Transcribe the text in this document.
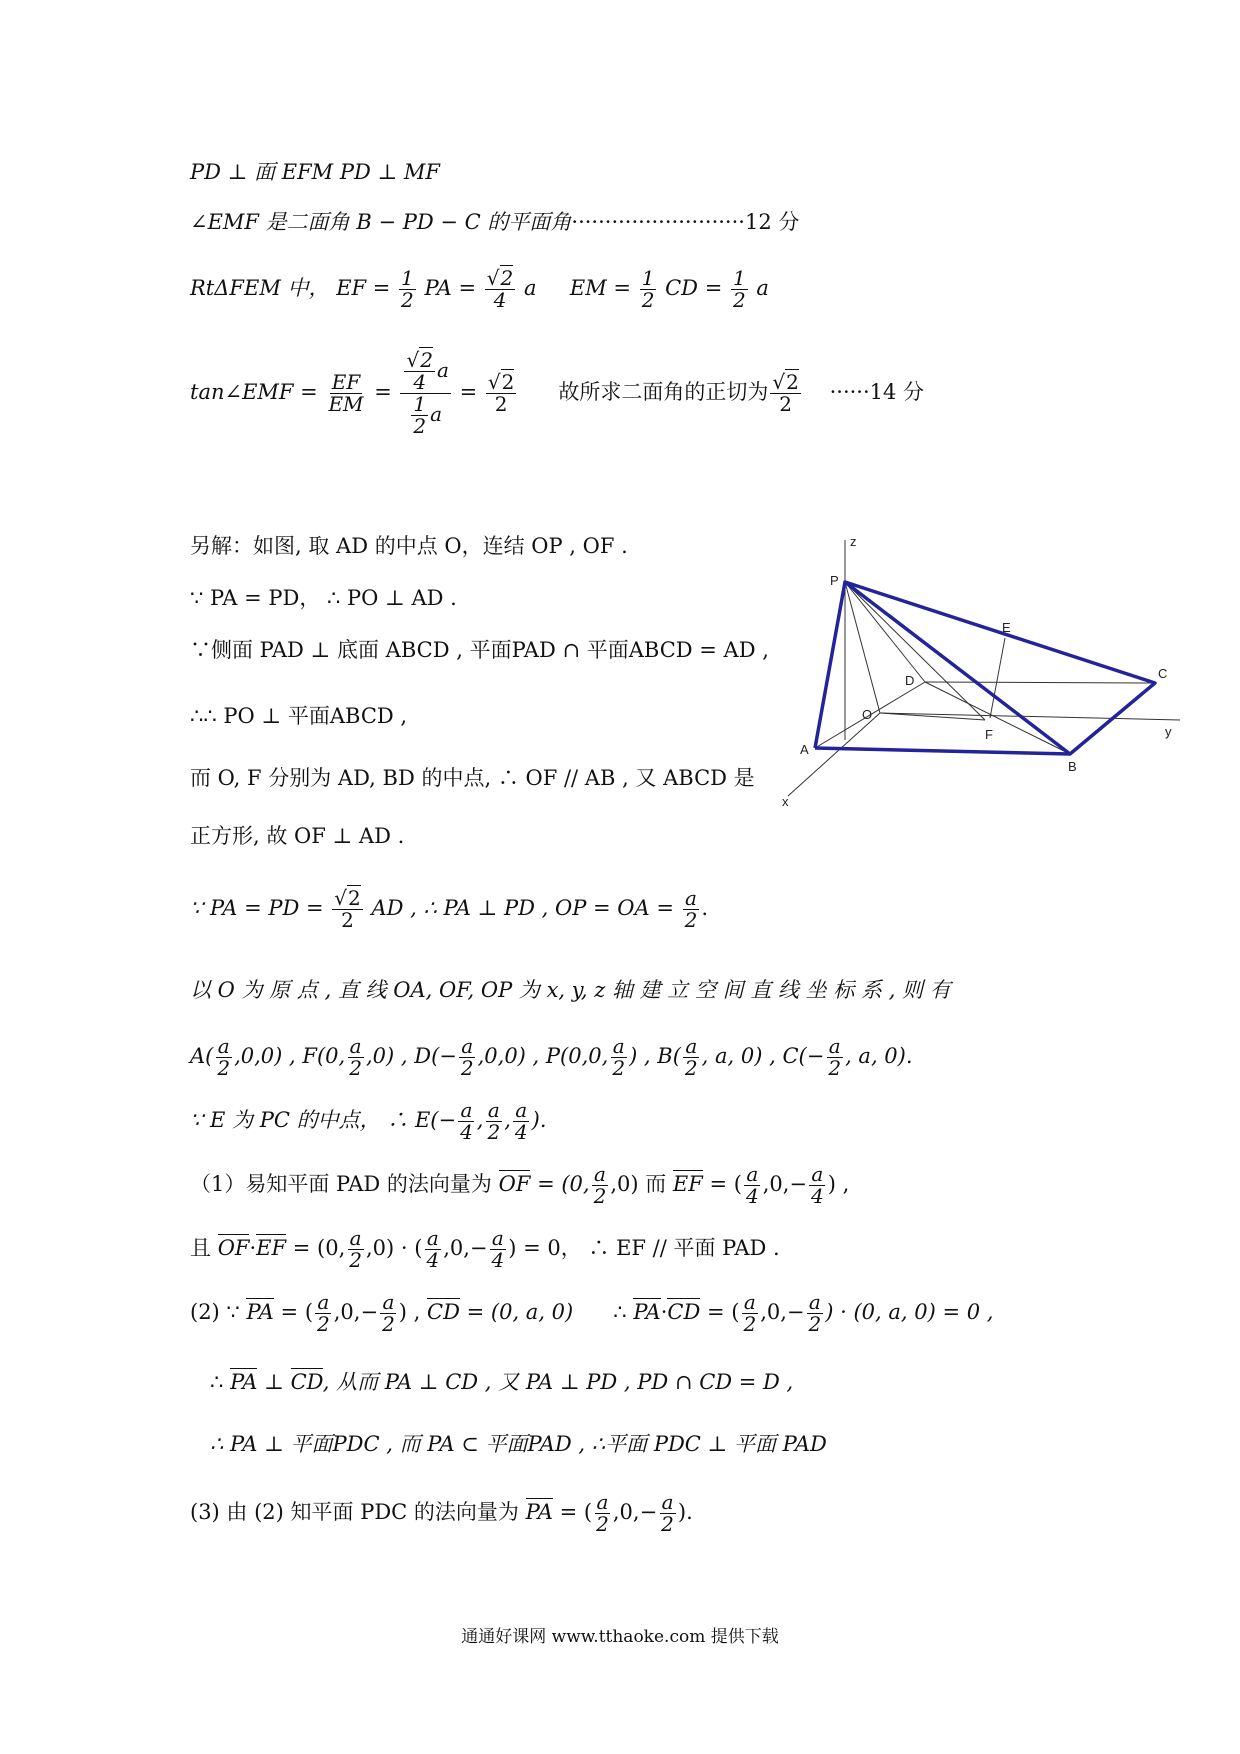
PD ⊥ 面 EFM PD ⊥ MF
∠EMF 是二面角 B − PD − C 的平面角··························12 分
RtΔFEM 中， EF = $\frac{1}{2}$ PA = $\frac{√2}{4}$ a EM = $\frac{1}{2}$ CD = $\frac{1}{2}$ a
tan∠EMF = $\frac{EF}{EM} = \frac{\frac{√2}{4} a}{\frac{1}{2} a} = \frac{√2}{2}$ 故所求二面角的正切为 $\frac{√2}{2} \cdot\cdot\cdot\cdot\cdot\cdot 14$ 分
另解：如图, 取 AD 的中点 O，连结 OP , OF .
∵ PA = PD， ∴ PO ⊥ AD .
∵侧面 PAD ⊥ 底面 ABCD , 平面PAD ∩ 平面ABCD = AD ,
∴∴ PO ⊥ 平面ABCD ,
而 O, F 分别为 AD, BD 的中点, ∴ OF // AB , 又 ABCD 是
正方形, 故 OF ⊥ AD .
∵ PA = PD = $\frac{√2}{2}$ AD , ∴ PA ⊥ PD , OP = OA = $\frac{a}{2}$ .
以 O 为 原 点 , 直 线 OA, OF, OP 为 x, y, z 轴 建 立 空 间 直 线 坐 标 系 , 则 有
$A( \frac{a}{2} ,0,0)$ , F(0, $\frac{a}{2} ,0$) , $D(- \frac{a}{2} ,0,0)$ , P(0,0, $\frac{a}{2}$ ) , $B( \frac{a}{2}$ , a, 0) , $C(- \frac{a}{2}$ , a, 0).
∵ E 为 PC 的中点， ∴ $E(- \frac{a}{4}$ , $\frac{a}{2}$ , $\frac{a}{4}$ ).
（1）易知平面 PAD 的法向量为 OF = (0, $\frac{a}{2} ,0$) 而 EF = ( $\frac{a}{4} ,0,- \frac{a}{4}$ ) ,
且 OF·EF = (0, $\frac{a}{2} ,0$) · ( $\frac{a}{4} ,0,- \frac{a}{4}$ ) = 0， ∴ EF // 平面 PAD .
(2) ∵ PA = ( $\frac{a}{2} ,0,- \frac{a}{2}$ ) , CD = (0, a, 0) ∴ PA·CD = ( $\frac{a}{2} ,0,- \frac{a}{2}$ ) · (0, a, 0) = 0 ,
∴ PA ⊥ CD, 从而 PA ⊥ CD , 又 PA ⊥ PD , PD ∩ CD = D ,
∴ PA ⊥ 平面PDC , 而 PA ⊂ 平面PAD , ∴平面 PDC ⊥ 平面 PAD
(3) 由 (2) 知平面 PDC 的法向量为 PA = ( $\frac{a}{2} ,0,- \frac{a}{2}$ ).
z
P
E
D	C
O
F	y
A
B
x
通通好课网 www.tthaoke.com 提供下载
